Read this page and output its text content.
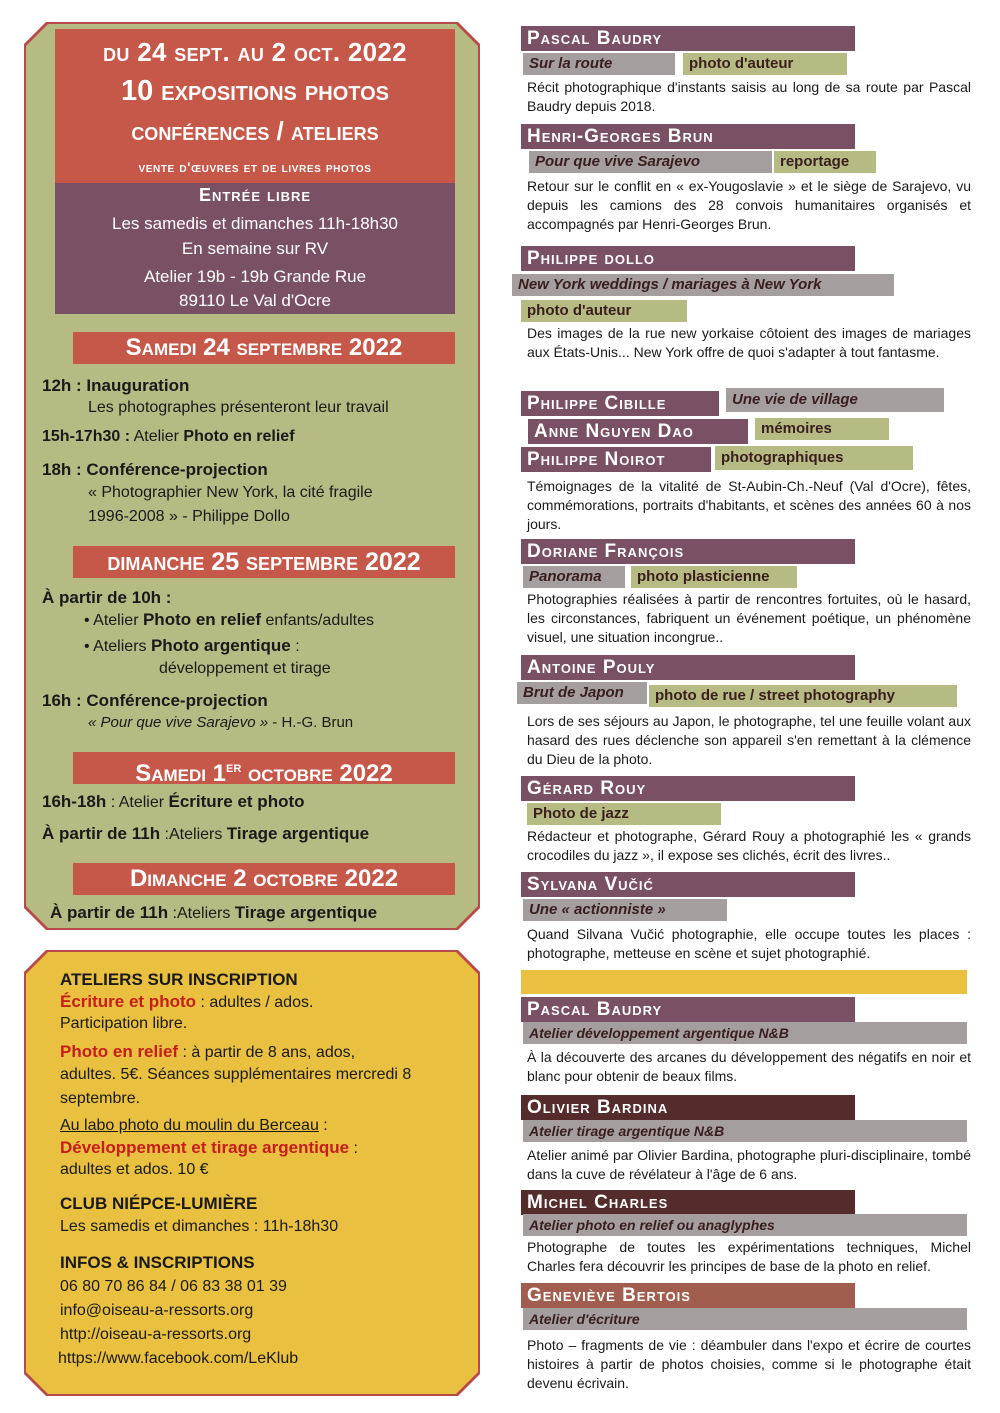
du 24 sept. au 2 oct. 2022
10 expositions photos
conférences / ateliers
vente d'œuvres et de livres photos
Entrée libre
Les samedis et dimanches 11h-18h30
En semaine sur RV
Atelier 19b - 19b Grande Rue
89110 Le Val d'Ocre
Samedi 24 septembre 2022
12h : Inauguration
Les photographes présenteront leur travail
15h-17h30 : Atelier Photo en relief
18h : Conférence-projection
« Photographier New York, la cité fragile
1996-2008 » - Philippe Dollo
dimanche 25 septembre 2022
À partir de 10h :
• Atelier Photo en relief enfants/adultes
• Ateliers Photo argentique :
développement et tirage
16h : Conférence-projection
« Pour que vive Sarajevo » - H.-G. Brun
Samedi 1er octobre 2022
16h-18h : Atelier Écriture et photo
À partir de 11h :Ateliers Tirage argentique
Dimanche 2 octobre 2022
À partir de 11h :Ateliers Tirage argentique
ATELIERS SUR INSCRIPTION
Écriture et photo : adultes / ados.
Participation libre.
Photo en relief : à partir de 8 ans, ados,
adultes. 5€. Séances supplémentaires mercredi 8
septembre.
Au labo photo du moulin du Berceau :
Développement et tirage argentique :
adultes et ados. 10 €
CLUB NIÉPCE-LUMIÈRE
Les samedis et dimanches : 11h-18h30
INFOS & INSCRIPTIONS
06 80 70 86 84 / 06 83 38 01 39
info@oiseau-a-ressorts.org
http://oiseau-a-ressorts.org
https://www.facebook.com/LeKlub
Pascal Baudry
Sur la route	photo d'auteur
Récit photographique d'instants saisis au long de sa route par Pascal Baudry depuis 2018.
Henri-Georges Brun
Pour que vive Sarajevo	reportage
Retour sur le conflit en « ex-Yougoslavie » et le siège de Sarajevo, vu depuis les camions des 28 convois humanitaires organisés et accompagnés par Henri-Georges Brun.
Philippe dollo
New York weddings / mariages à New York
photo d'auteur
Des images de la rue new yorkaise côtoient des images de mariages aux États-Unis... New York offre de quoi s'adapter à tout fantasme.
Philippe Cibille	Une vie de village
Anne Nguyen Dao	mémoires
Philippe Noirot	photographiques
Témoignages de la vitalité de St-Aubin-Ch.-Neuf (Val d'Ocre), fêtes, commémorations, portraits d'habitants, et scènes des années 60 à nos jours.
Doriane François
Panorama	photo plasticienne
Photographies réalisées à partir de rencontres fortuites, où le hasard, les circonstances, fabriquent un événement poétique, un phénomène visuel, une situation incongrue..
Antoine Pouly
Brut de Japon	photo de rue / street photography
Lors de ses séjours au Japon, le photographe, tel une feuille volant aux hasard des rues déclenche son appareil s'en remettant à la clémence du Dieu de la photo.
Gérard Rouy
Photo de jazz
Rédacteur et photographe, Gérard Rouy a photographié les « grands crocodiles du jazz », il expose ses clichés, écrit des livres..
Sylvana Vučić
Une « actionniste »
Quand Silvana Vučić photographie, elle occupe toutes les places : photographe, metteuse en scène et sujet photographié.
Pascal Baudry
Atelier développement argentique N&B
À la découverte des arcanes du développement des négatifs en noir et blanc pour obtenir de beaux films.
Olivier Bardina
Atelier tirage argentique N&B
Atelier animé par Olivier Bardina, photographe pluri-disciplinaire, tombé dans la cuve de révélateur à l'âge de 6 ans.
Michel Charles
Atelier photo en relief ou anaglyphes
Photographe de toutes les expérimentations techniques, Michel Charles fera découvrir les principes de base de la photo en relief.
Geneviève Bertois
Atelier d'écriture
Photo – fragments de vie : déambuler dans l'expo et écrire de courtes histoires à partir de photos choisies, comme si le photographe était devenu écrivain.
